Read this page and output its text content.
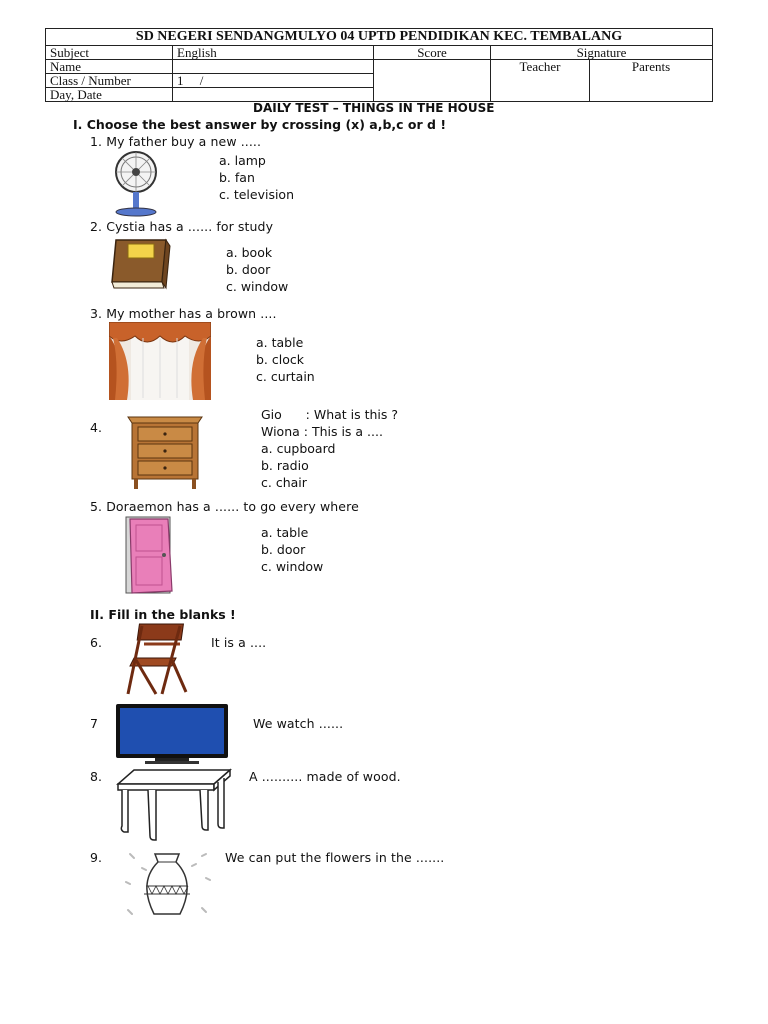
SD NEGERI SENDANGMULYO 04 UPTD PENDIDIKAN KEC. TEMBALANG				
Subject	English	Score	Signature	
Name			Teacher	Parents
Class / Number	1     /			
Day, Date				
DAILY TEST – THINGS IN THE HOUSE
I. Choose the best answer by crossing (x) a,b,c or d !
1. My father buy a new .....
a. lamp
b. fan
c. television
2. Cystia has a ...... for study
a. book
b. door
c. window
3. My mother has a brown ....
a. table
b. clock
c. curtain
4.
Gio      : What is this ?
Wiona : This is a ....
a. cupboard
b. radio
c. chair
5. Doraemon has a ...... to go every where
a. table
b. door
c. window
II. Fill in the blanks !
6.	It is a ....
7	We watch ......
8.	A .......... made of wood.
9.	We can put the flowers in the .......
